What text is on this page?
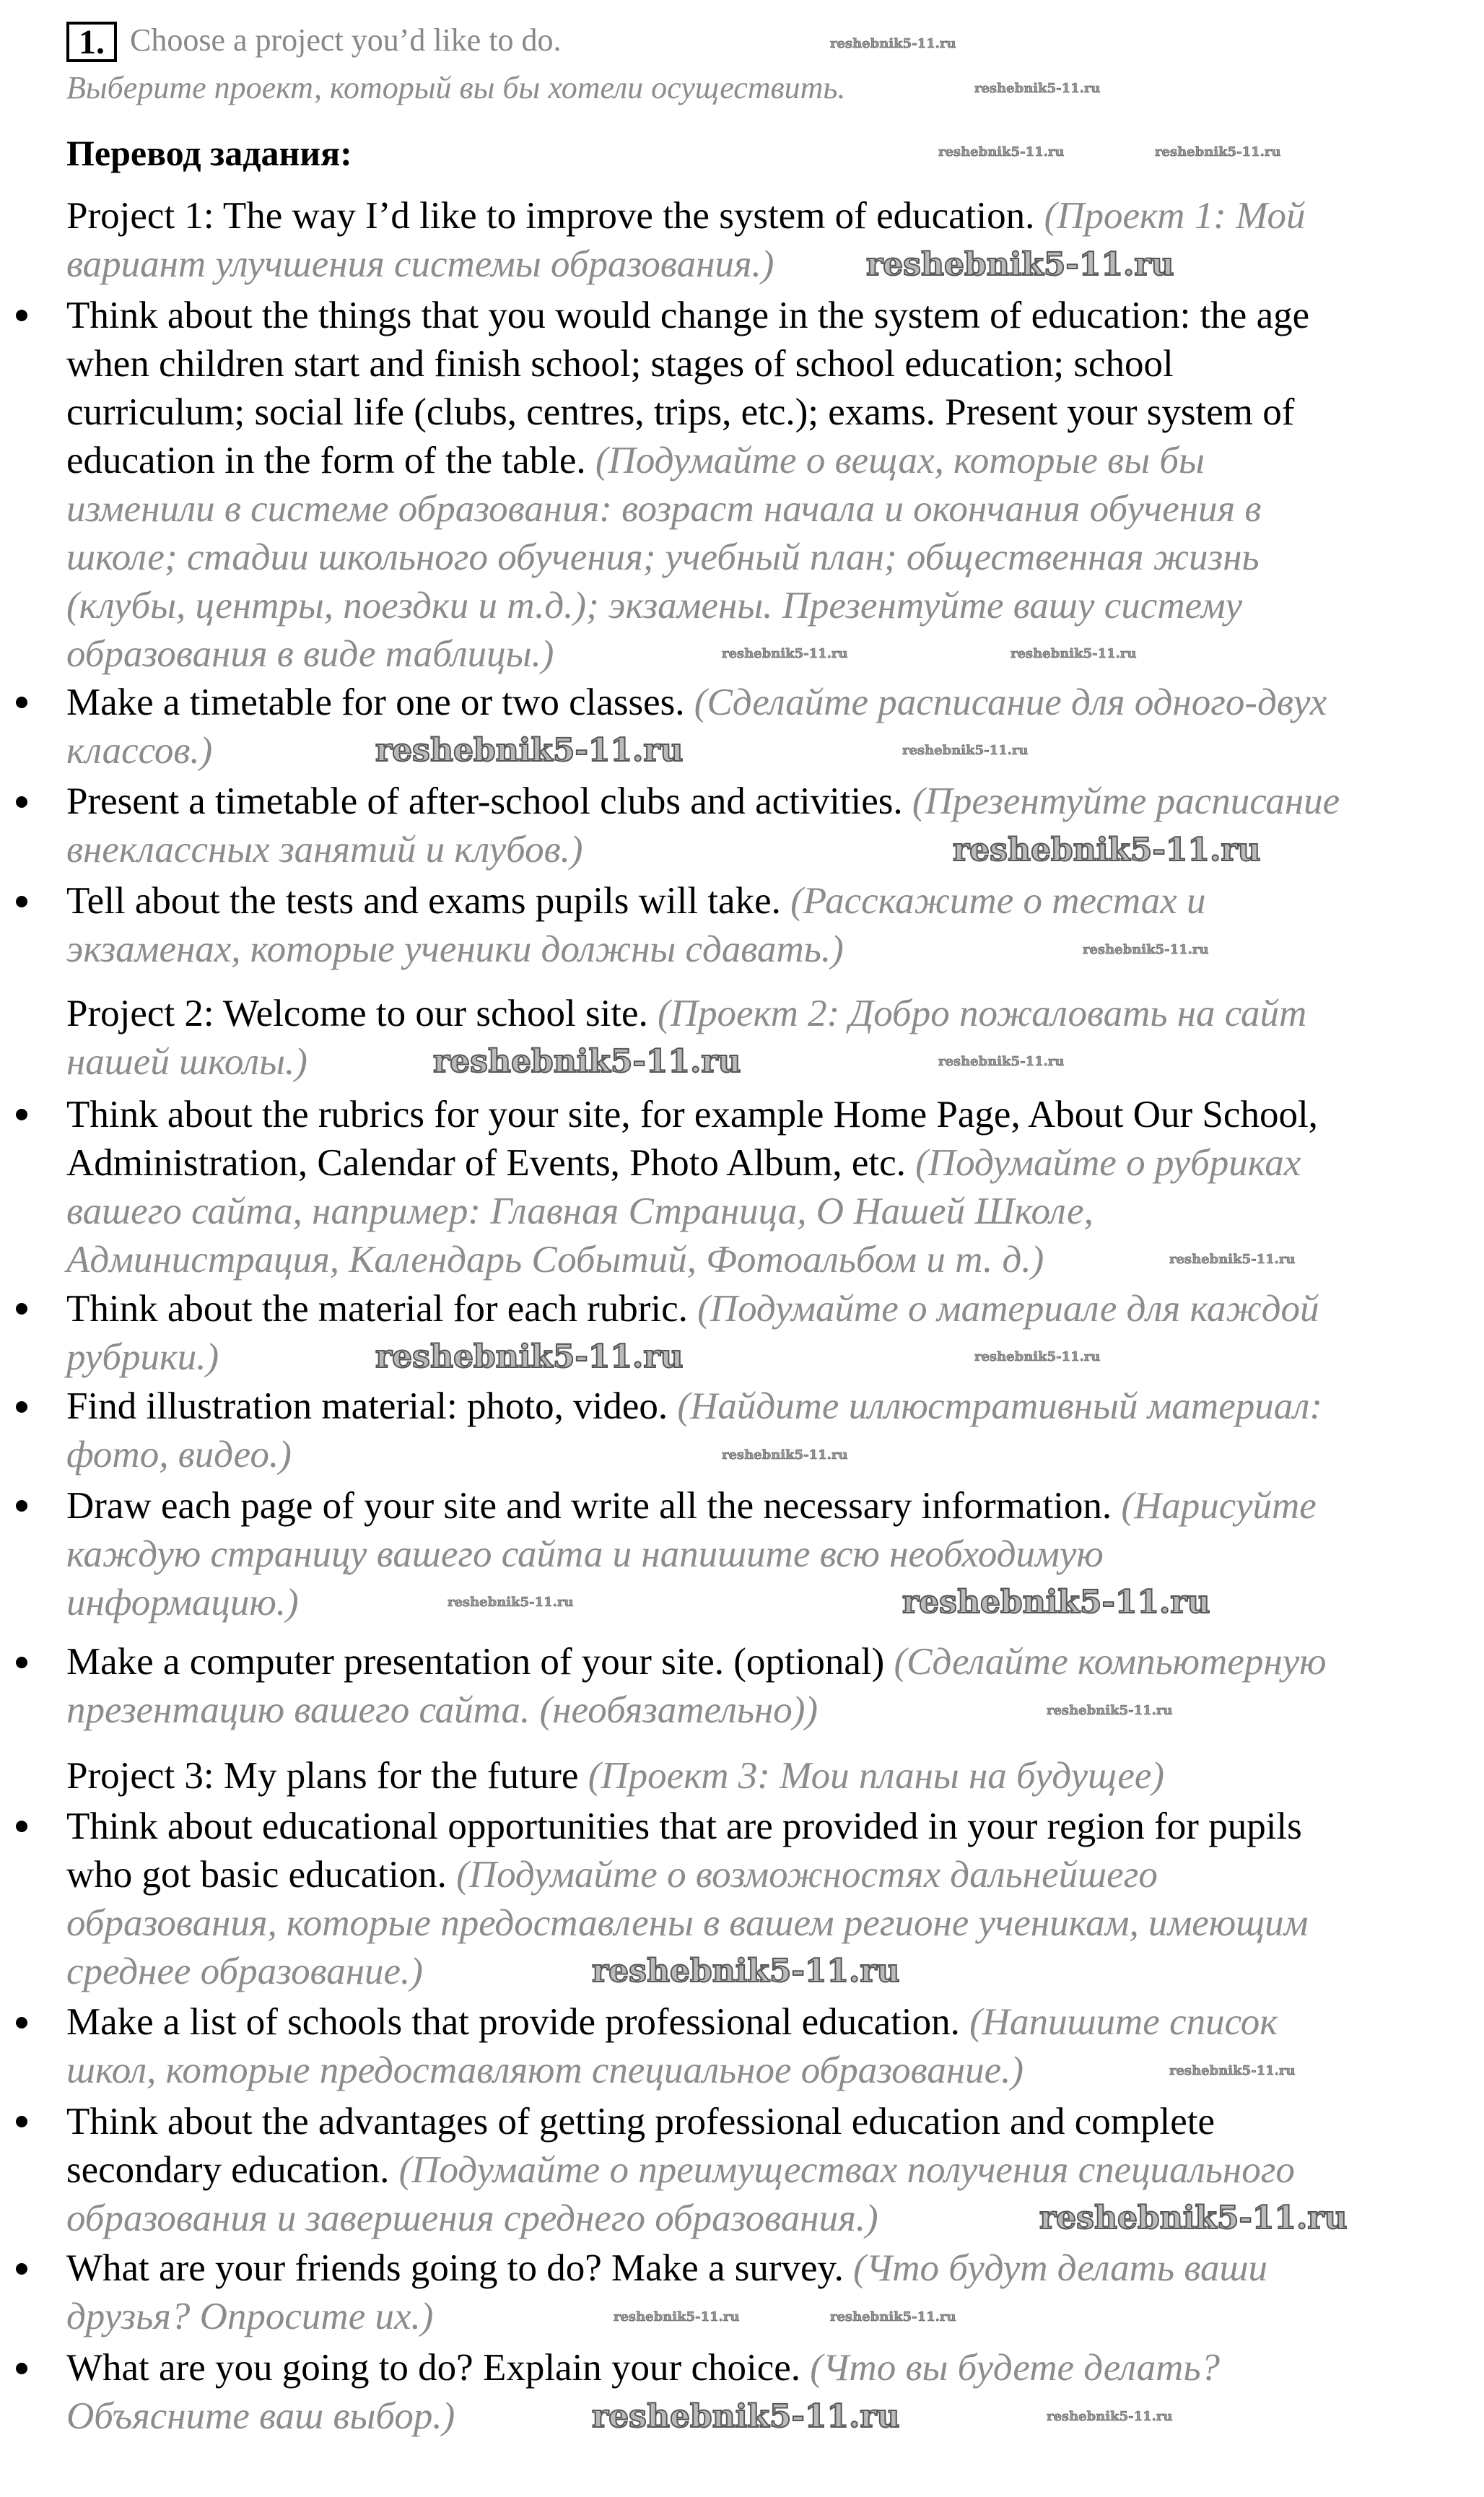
1. Choose a project you’d like to do.
Выберите проект, который вы бы хотели осуществить.
Перевод задания:
Project 1: The way I’d like to improve the system of education. (Проект 1: Мой
вариант улучшения системы образования.)
Think about the things that you would change in the system of education: the age
when children start and finish school; stages of school education; school
curriculum; social life (clubs, centres, trips, etc.); exams. Present your system of
education in the form of the table. (Подумайте о вещах, которые вы бы
изменили в системе образования: возраст начала и окончания обучения в
школе; стадии школьного обучения; учебный план; общественная жизнь
(клубы, центры, поездки и т.д.); экзамены. Презентуйте вашу систему
образования в виде таблицы.)
Make a timetable for one or two classes. (Сделайте расписание для одного-двух
классов.)
Present a timetable of after-school clubs and activities. (Презентуйте расписание
внеклассных занятий и клубов.)
Tell about the tests and exams pupils will take. (Расскажите о тестах и
экзаменах, которые ученики должны сдавать.)
Project 2: Welcome to our school site. (Проект 2: Добро пожаловать на сайт
нашей школы.)
Think about the rubrics for your site, for example Home Page, About Our School,
Administration, Calendar of Events, Photo Album, etc. (Подумайте о рубриках
вашего сайта, например: Главная Страница, О Нашей Школе,
Администрация, Календарь Событий, Фотоальбом и т. д.)
Think about the material for each rubric. (Подумайте о материале для каждой
рубрики.)
Find illustration material: photo, video. (Найдите иллюстративный материал:
фото, видео.)
Draw each page of your site and write all the necessary information. (Нарисуйте
каждую страницу вашего сайта и напишите всю необходимую
информацию.)
Make a computer presentation of your site. (optional) (Сделайте компьютерную
презентацию вашего сайта. (необязательно))
Project 3: My plans for the future (Проект 3: Мои планы на будущее)
Think about educational opportunities that are provided in your region for pupils
who got basic education. (Подумайте о возможностях дальнейшего
образования, которые предоставлены в вашем регионе ученикам, имеющим
среднее образование.)
Make a list of schools that provide professional education. (Напишите список
школ, которые предоставляют специальное образование.)
Think about the advantages of getting professional education and complete
secondary education. (Подумайте о преимуществах получения специального
образования и завершения среднего образования.)
What are your friends going to do? Make a survey. (Что будут делать ваши
друзья? Опросите их.)
What are you going to do? Explain your choice. (Что вы будете делать?
Объясните ваш выбор.)
reshebnik5-11.ru
reshebnik5-11.ru
reshebnik5-11.ru
reshebnik5-11.ru
reshebnik5-11.ru
reshebnik5-11.ru
reshebnik5-11.ru
reshebnik5-11.ru
reshebnik5-11.ru
reshebnik5-11.ru	reshebnik5-11.ru
reshebnik5-11.ru
reshebnik5-11.ru
reshebnik5-11.ru
reshebnik5-11.ru
reshebnik5-11.ru
reshebnik5-11.ru
reshebnik5-11.ru
reshebnik5-11.ru
reshebnik5-11.ru
reshebnik5-11.ru	reshebnik5-11.ru
reshebnik5-11.ru
reshebnik5-11.ru
reshebnik5-11.ru
reshebnik5-11.ru	reshebnik5-11.ru
